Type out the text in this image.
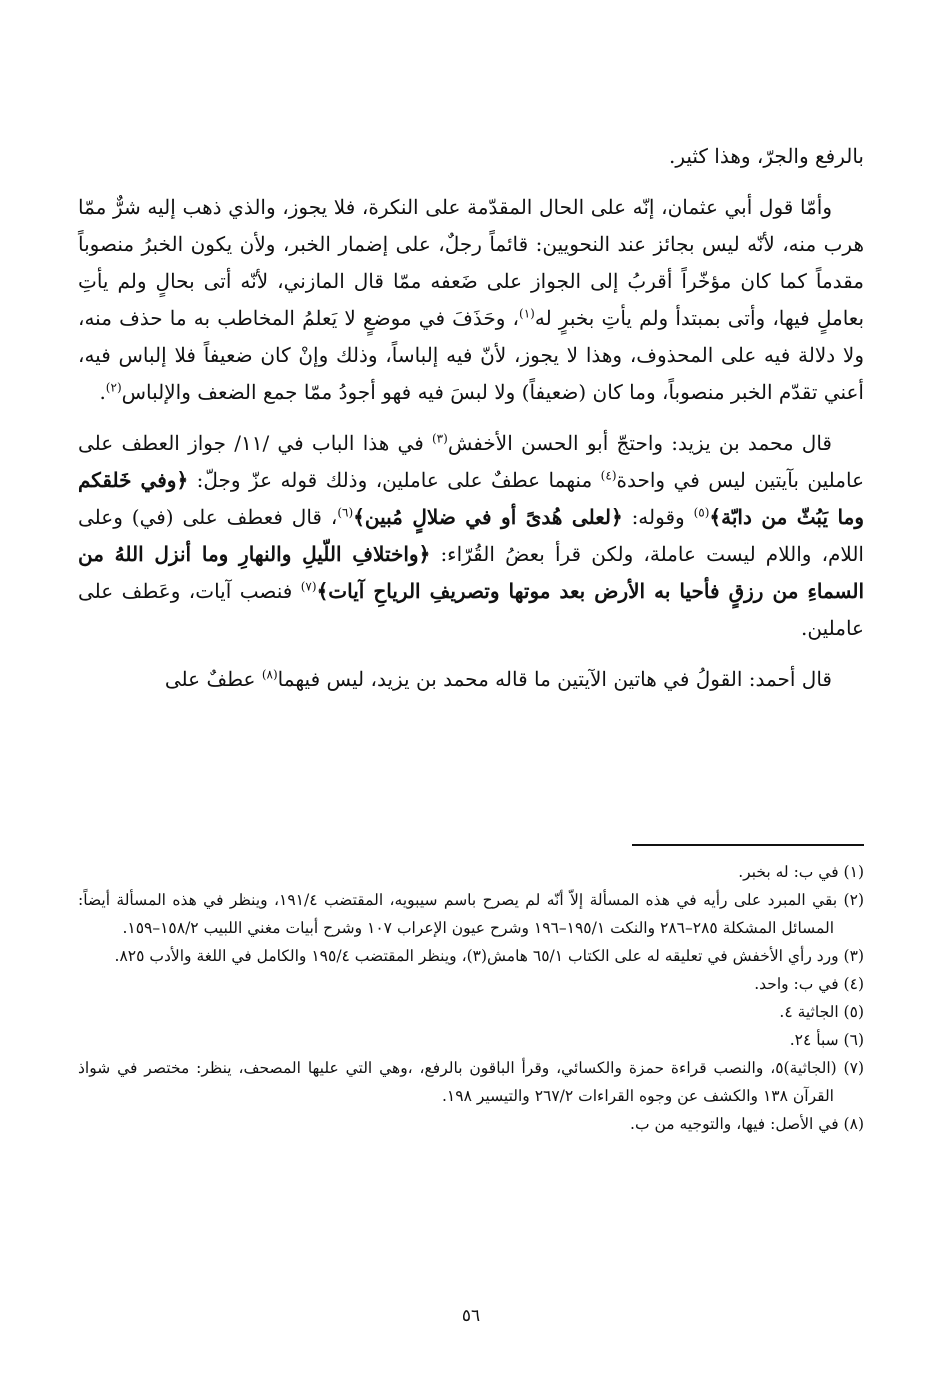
بالرفع والجرّ، وهذا كثير.

وأمّا قول أبي عثمان، إنّه على الحال المقدّمة على النكرة، فلا يجوز، والذي ذهب إليه شرٌّ ممّا هرب منه، لأنّه ليس بجائز عند النحويين: قائماً رجلٌ، على إضمار الخبر، ولأن يكون الخبرُ منصوباً مقدماً كما كان مؤخّراً أقربُ إلى الجواز على ضَعفه ممّا قال المازني، لأنّه أتى بحالٍ ولم يأتِ بعاملٍ فيها، وأتى بمبتدأ ولم يأتِ بخبرٍ له$^{(١)}$، وحَذَفَ في موضعٍ لا يَعلمُ المخاطب به ما حذف منه، ولا دلالة فيه على المحذوف، وهذا لا يجوز، لأنّ فيه إلباساً، وذلك وإنْ كان ضعيفاً فلا إلباس فيه، أعني تقدّم الخبر منصوباً، وما كان (ضعيفاً) ولا لبسَ فيه فهو أجودُ ممّا جمع الضعف والإلباس$^{(٢)}$.

قال محمد بن يزيد: واحتجّ أبو الحسن الأخفش$^{(٣)}$ في هذا الباب في /١١/ جواز العطف على عاملين بآيتين ليس في واحدة$^{(٤)}$ منهما عطفٌ على عاملين، وذلك قوله عزّ وجلّ: ﴿وفي خَلقكم وما يَبُثّ من دابّة﴾$^{(٥)}$ وقوله: ﴿لعلى هُدىً أو في ضلالٍ مُبين﴾$^{(٦)}$، قال فعطف على (في) وعلى اللام، واللام ليست عاملة، ولكن قرأ بعضُ القُرّاء: ﴿واختلافِ اللّيلِ والنهارِ وما أنزل اللهُ من السماءِ من رزقٍ فأحيا به الأرض بعد موتها وتصريفِ الرياحِ آيات﴾$^{(٧)}$ فنصب آيات، وعَطف على عاملين.

قال أحمد: القولُ في هاتين الآيتين ما قاله محمد بن يزيد، ليس فيهما$^{(٨)}$ عطفٌ على

(١) في ب: له بخبر.

(٢) بقي المبرد على رأيه في هذه المسألة إلاّ أنّه لم يصرح باسم سيبويه، المقتضب ١٩١/٤، وينظر في هذه المسألة أيضاً: المسائل المشكلة ٢٨٥–٢٨٦ والنكت ١٩٥/١–١٩٦ وشرح عيون الإعراب ١٠٧ وشرح أبيات مغني اللبيب ١٥٨/٢–١٥٩.

(٣) ورد رأي الأخفش في تعليقه له على الكتاب ٦٥/١ هامش(٣)، وينظر المقتضب ١٩٥/٤ والكامل في اللغة والأدب ٨٢٥.

(٤) في ب: واحد.

(٥) الجاثية ٤.

(٦) سبأ ٢٤.

(٧) (الجاثية)٥، والنصب قراءة حمزة والكسائي، وقرأ الباقون بالرفع، ،وهي التي عليها المصحف، ينظر: مختصر في شواذ القرآن ١٣٨ والكشف عن وجوه القراءات ٢٦٧/٢ والتيسير ١٩٨.

(٨) في الأصل: فيها، والتوجيه من ب.

٥٦
